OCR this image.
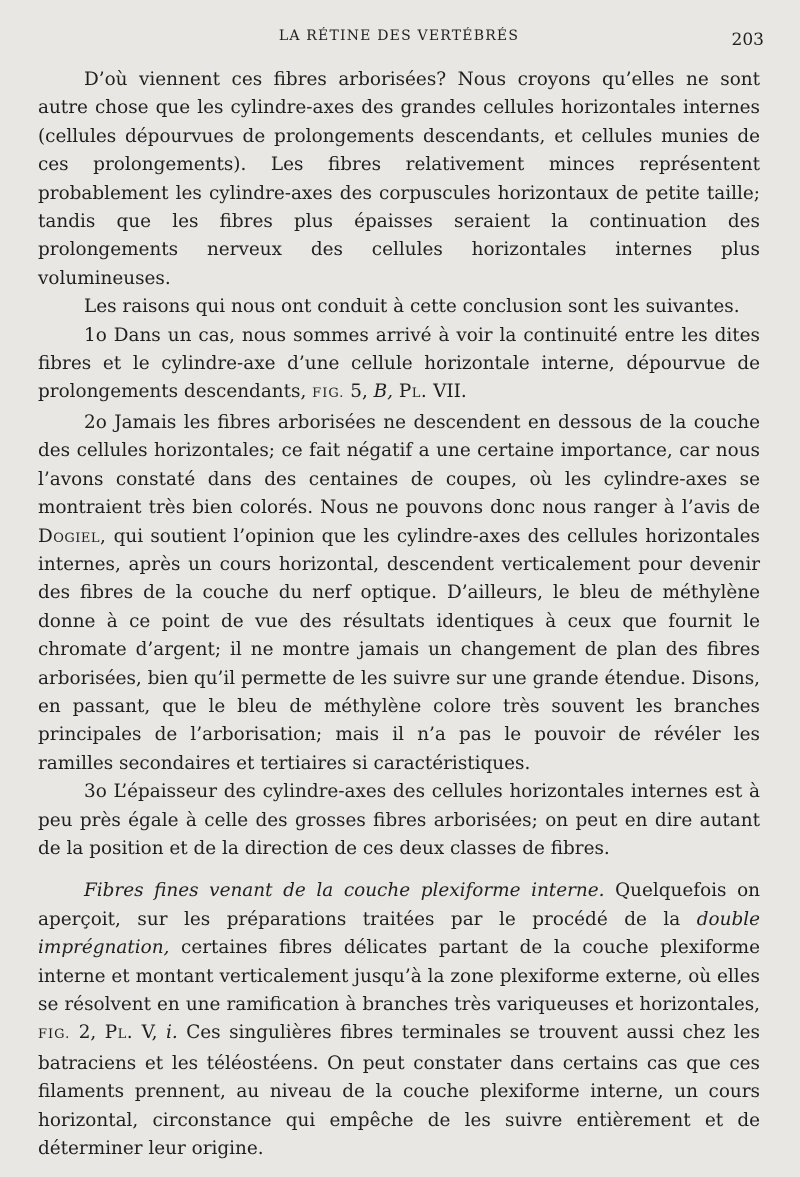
LA RÉTINE DES VERTÉBRÉS	203

D’où viennent ces fibres arborisées? Nous croyons qu’elles ne sont autre chose que les cylindre-axes des grandes cellules horizontales internes (cellules dépourvues de prolongements descendants, et cellules munies de ces prolongements). Les fibres relativement minces représentent probablement les cylindre-axes des corpuscules horizontaux de petite taille; tandis que les fibres plus épaisses seraient la continuation des prolongements nerveux des cellules horizontales internes plus volumineuses.

Les raisons qui nous ont conduit à cette conclusion sont les suivantes.

1o Dans un cas, nous sommes arrivé à voir la continuité entre les dites fibres et le cylindre-axe d’une cellule horizontale interne, dépourvue de prolongements descendants, FIG. 5, B, Pl. VII.

2o Jamais les fibres arborisées ne descendent en dessous de la couche des cellules horizontales; ce fait négatif a une certaine importance, car nous l’avons constaté dans des centaines de coupes, où les cylindre-axes se montraient très bien colorés. Nous ne pouvons donc nous ranger à l’avis de Dogiel, qui soutient l’opinion que les cylindre-axes des cellules horizontales internes, après un cours horizontal, descendent verticalement pour devenir des fibres de la couche du nerf optique. D’ailleurs, le bleu de méthylène donne à ce point de vue des résultats identiques à ceux que fournit le chromate d’argent; il ne montre jamais un changement de plan des fibres arborisées, bien qu’il permette de les suivre sur une grande étendue. Disons, en passant, que le bleu de méthylène colore très souvent les branches principales de l’arborisation; mais il n’a pas le pouvoir de révéler les ramilles secondaires et tertiaires si caractéristiques.

3o L’épaisseur des cylindre-axes des cellules horizontales internes est à peu près égale à celle des grosses fibres arborisées; on peut en dire autant de la position et de la direction de ces deux classes de fibres.

Fibres fines venant de la couche plexiforme interne. Quelquefois on aperçoit, sur les préparations traitées par le procédé de la double imprégnation, certaines fibres délicates partant de la couche plexiforme interne et montant verticalement jusqu’à la zone plexiforme externe, où elles se résolvent en une ramification à branches très variqueuses et horizontales, FIG. 2, Pl. V, i. Ces singulières fibres terminales se trouvent aussi chez les batraciens et les téléostéens. On peut constater dans certains cas que ces filaments prennent, au niveau de la couche plexiforme interne, un cours horizontal, circonstance qui empêche de les suivre entièrement et de déterminer leur origine.
